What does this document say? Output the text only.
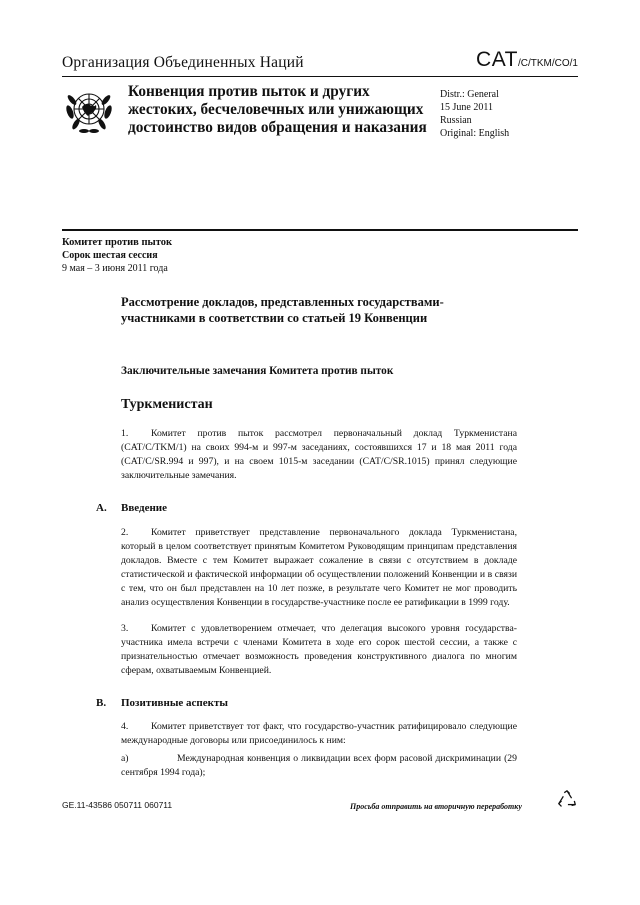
Организация Объединенных Наций	CAT/C/TKM/CO/1
Конвенция против пыток и других жестоких, бесчеловечных или унижающих достоинство видов обращения и наказания
Distr.: General
15 June 2011
Russian
Original: English
Комитет против пыток
Сорок шестая сессия
9 мая – 3 июня 2011 года
Рассмотрение докладов, представленных государствами-участниками в соответствии со статьей 19 Конвенции
Заключительные замечания Комитета против пыток
Туркменистан
1. Комитет против пыток рассмотрел первоначальный доклад Туркменистана (CAT/C/TKM/1) на своих 994-м и 997-м заседаниях, состоявшихся 17 и 18 мая 2011 года (CAT/C/SR.994 и 997), и на своем 1015-м заседании (CAT/C/SR.1015) принял следующие заключительные замечания.
A. Введение
2. Комитет приветствует представление первоначального доклада Туркменистана, который в целом соответствует принятым Комитетом Руководящим принципам представления докладов. Вместе с тем Комитет выражает сожаление в связи с отсутствием в докладе статистической и фактической информации об осуществлении положений Конвенции и в связи с тем, что он был представлен на 10 лет позже, в результате чего Комитет не мог проводить анализ осуществления Конвенции в государстве-участнике после ее ратификации в 1999 году.
3. Комитет с удовлетворением отмечает, что делегация высокого уровня государства-участника имела встречи с членами Комитета в ходе его сорок шестой сессии, а также с признательностью отмечает возможность проведения конструктивного диалога по многим сферам, охватываемым Конвенцией.
B. Позитивные аспекты
4. Комитет приветствует тот факт, что государство-участник ратифицировало следующие международные договоры или присоединилось к ним:
a)	Международная конвенция о ликвидации всех форм расовой дискриминации (29 сентября 1994 года);
GE.11-43586 050711 060711	Просьба отправить на вторичную переработку
